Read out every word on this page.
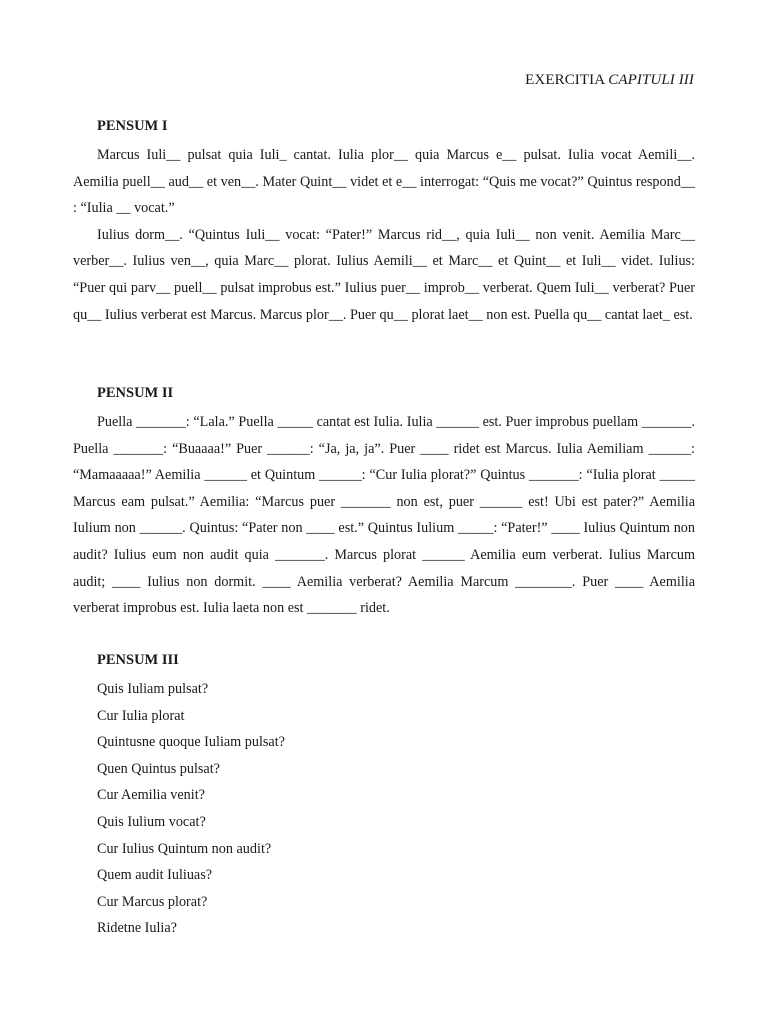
EXERCITIA CAPITULI III
PENSUM I

Marcus Iuli__ pulsat quia Iuli_ cantat. Iulia plor__ quia Marcus e__ pulsat. Iulia vocat Aemili__. Aemilia puell__ aud__ et ven__. Mater Quint__ videt et e__ interrogat: “Quis me vocat?” Quintus respond__ : “Iulia __ vocat.”

Iulius dorm__. “Quintus Iuli__ vocat: “Pater!” Marcus rid__, quia Iuli__ non venit. Aemilia Marc__ verber__. Iulius ven__, quia Marc__ plorat. Iulius Aemili__ et Marc__ et Quint__ et Iuli__ videt. Iulius: “Puer qui parv__ puell__ pulsat improbus est.” Iulius puer__ improb__ verberat. Quem Iuli__ verberat? Puer qu__ Iulius verberat est Marcus. Marcus plor__. Puer qu__ plorat laet__ non est. Puella qu__ cantat laet_ est.

PENSUM II

Puella _______: “Lala.” Puella _____ cantat est Iulia. Iulia ______ est. Puer improbus puellam _______. Puella _______: “Buaaaa!” Puer ______: “Ja, ja, ja”. Puer ____ ridet est Marcus. Iulia Aemiliam ______: “Mamaaaaa!” Aemilia ______ et Quintum ______: “Cur Iulia plorat?” Quintus _______: “Iulia plorat _____ Marcus eam pulsat.” Aemilia: “Marcus puer _______ non est, puer ______ est! Ubi est pater?” Aemilia Iulium non ______. Quintus: “Pater non ____ est.” Quintus Iulium _____: “Pater!” ____ Iulius Quintum non audit? Iulius eum non audit quia _______. Marcus plorat ______ Aemilia eum verberat. Iulius Marcum audit; ____ Iulius non dormit. ____ Aemilia verberat? Aemilia Marcum ________. Puer ____ Aemilia verberat improbus est. Iulia laeta non est _______ ridet.

PENSUM III
Quis Iuliam pulsat?
Cur Iulia plorat
Quintusne quoque Iuliam pulsat?
Quen Quintus pulsat?
Cur Aemilia venit?
Quis Iulium vocat?
Cur Iulius Quintum non audit?
Quem audit Iuliuas?
Cur Marcus plorat?
Ridetne Iulia?
